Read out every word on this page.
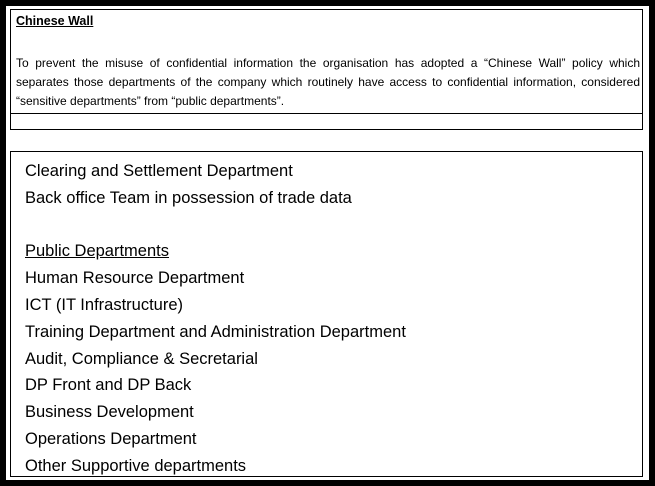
Chinese Wall
To prevent the misuse of confidential information the organisation has adopted a “Chinese Wall” policy which separates those departments of the company which routinely have access to confidential information, considered “sensitive departments” from “public departments”.
Clearing and Settlement Department
Back office Team in possession of trade data
Public Departments
Human Resource Department
ICT (IT Infrastructure)
Training Department and Administration Department
Audit, Compliance & Secretarial
DP Front and DP Back
Business Development
Operations Department
Other Supportive departments
